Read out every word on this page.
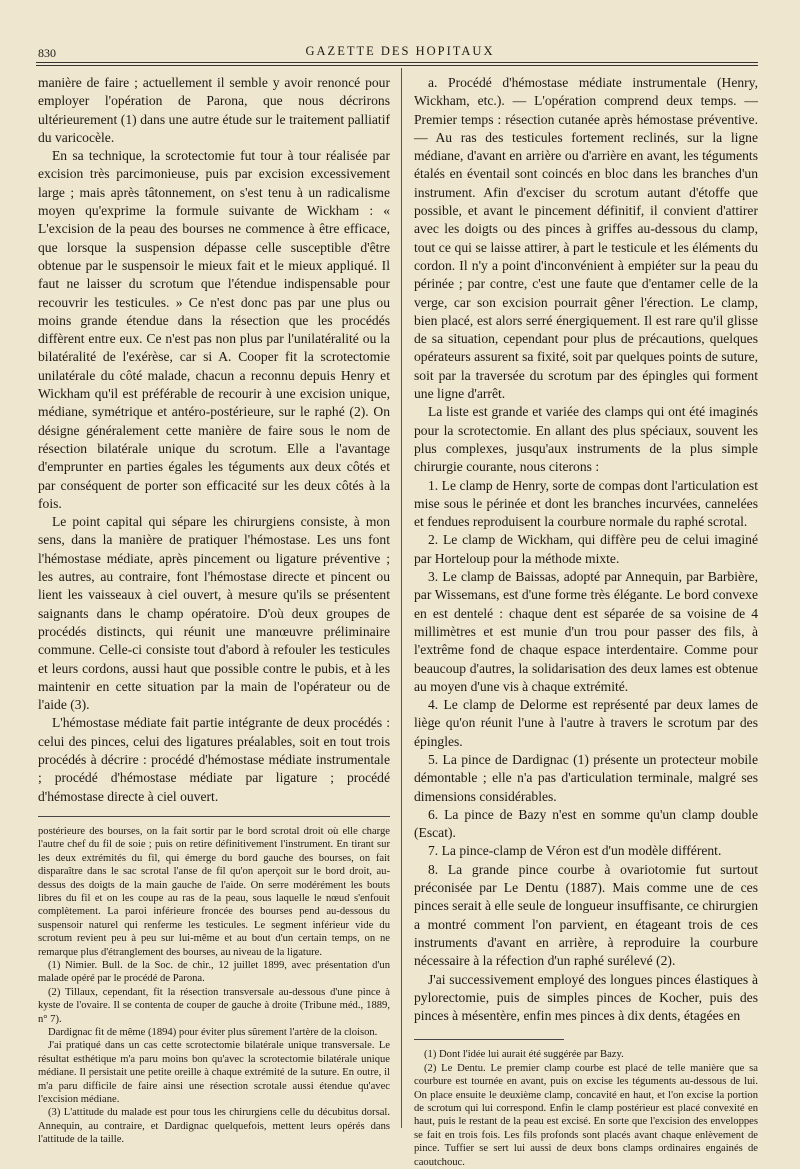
830	GAZETTE DES HOPITAUX

manière de faire ; actuellement il semble y avoir renoncé pour employer l'opération de Parona, que nous décrirons ultérieurement (1) dans une autre étude sur le traitement palliatif du varicocèle.

En sa technique, la scrotectomie fut tour à tour réalisée par excision très parcimonieuse, puis par excision excessivement large ; mais après tâtonnement, on s'est tenu à un radicalisme moyen qu'exprime la formule suivante de Wickham : « L'excision de la peau des bourses ne commence à être efficace, que lorsque la suspension dépasse celle susceptible d'être obtenue par le suspensoir le mieux fait et le mieux appliqué. Il faut ne laisser du scrotum que l'étendue indispensable pour recouvrir les testicules. » Ce n'est donc pas par une plus ou moins grande étendue dans la résection que les procédés diffèrent entre eux. Ce n'est pas non plus par l'unilatéralité ou la bilatéralité de l'exérèse, car si A. Cooper fit la scrotectomie unilatérale du côté malade, chacun a reconnu depuis Henry et Wickham qu'il est préférable de recourir à une excision unique, médiane, symétrique et antéro-postérieure, sur le raphé (2). On désigne généralement cette manière de faire sous le nom de résection bilatérale unique du scrotum. Elle a l'avantage d'emprunter en parties égales les téguments aux deux côtés et par conséquent de porter son efficacité sur les deux côtés à la fois.

Le point capital qui sépare les chirurgiens consiste, à mon sens, dans la manière de pratiquer l'hémostase. Les uns font l'hémostase médiate, après pincement ou ligature préventive ; les autres, au contraire, font l'hémostase directe et pincent ou lient les vaisseaux à ciel ouvert, à mesure qu'ils se présentent saignants dans le champ opératoire. D'où deux groupes de procédés distincts, qui réunit une manœuvre préliminaire commune. Celle-ci consiste tout d'abord à refouler les testicules et leurs cordons, aussi haut que possible contre le pubis, et à les maintenir en cette situation par la main de l'opérateur ou de l'aide (3).

L'hémostase médiate fait partie intégrante de deux procédés : celui des pinces, celui des ligatures préalables, soit en tout trois procédés à décrire : procédé d'hémostase médiate instrumentale ; procédé d'hémostase médiate par ligature ; procédé d'hémostase directe à ciel ouvert.

postérieure des bourses, on la fait sortir par le bord scrotal droit où elle charge l'autre chef du fil de soie ; puis on retire définitivement l'instrument. En tirant sur les deux extrémités du fil, qui émerge du bord gauche des bourses, on fait disparaître dans le sac scrotal l'anse de fil qu'on aperçoit sur le bord droit, au-dessus des doigts de la main gauche de l'aide. On serre modérément les bouts libres du fil et on les coupe au ras de la peau, sous laquelle le nœud s'enfouit complètement. La paroi inférieure froncée des bourses pend au-dessous du suspensoir naturel qui renferme les testicules. Le segment inférieur vide du scrotum revient peu à peu sur lui-même et au bout d'un certain temps, on ne remarque plus d'étranglement des bourses, au niveau de la ligature.

(1) Nimier. Bull. de la Soc. de chir., 12 juillet 1899, avec présentation d'un malade opéré par le procédé de Parona.

(2) Tillaux, cependant, fit la résection transversale au-dessous d'une pince à kyste de l'ovaire. Il se contenta de couper de gauche à droite (Tribune méd., 1889, n° 7).

Dardignac fit de même (1894) pour éviter plus sûrement l'artère de la cloison.

J'ai pratiqué dans un cas cette scrotectomie bilatérale unique transversale. Le résultat esthétique m'a paru moins bon qu'avec la scrotectomie bilatérale unique médiane. Il persistait une petite oreille à chaque extrémité de la suture. En outre, il m'a paru difficile de faire ainsi une résection scrotale aussi étendue qu'avec l'excision médiane.

(3) L'attitude du malade est pour tous les chirurgiens celle du décubitus dorsal. Annequin, au contraire, et Dardignac quelquefois, mettent leurs opérés dans l'attitude de la taille.

a. Procédé d'hémostase médiate instrumentale (Henry, Wickham, etc.). — L'opération comprend deux temps. — Premier temps : résection cutanée après hémostase préventive. — Au ras des testicules fortement reclinés, sur la ligne médiane, d'avant en arrière ou d'arrière en avant, les téguments étalés en éventail sont coincés en bloc dans les branches d'un instrument. Afin d'exciser du scrotum autant d'étoffe que possible, et avant le pincement définitif, il convient d'attirer avec les doigts ou des pinces à griffes au-dessous du clamp, tout ce qui se laisse attirer, à part le testicule et les éléments du cordon. Il n'y a point d'inconvénient à empiéter sur la peau du périnée ; par contre, c'est une faute que d'entamer celle de la verge, car son excision pourrait gêner l'érection. Le clamp, bien placé, est alors serré énergiquement. Il est rare qu'il glisse de sa situation, cependant pour plus de précautions, quelques opérateurs assurent sa fixité, soit par quelques points de suture, soit par la traversée du scrotum par des épingles qui forment une ligne d'arrêt.

La liste est grande et variée des clamps qui ont été imaginés pour la scrotectomie. En allant des plus spéciaux, souvent les plus complexes, jusqu'aux instruments de la plus simple chirurgie courante, nous citerons :

1. Le clamp de Henry, sorte de compas dont l'articulation est mise sous le périnée et dont les branches incurvées, cannelées et fendues reproduisent la courbure normale du raphé scrotal.

2. Le clamp de Wickham, qui diffère peu de celui imaginé par Horteloup pour la méthode mixte.

3. Le clamp de Baissas, adopté par Annequin, par Barbière, par Wissemans, est d'une forme très élégante. Le bord convexe en est dentelé : chaque dent est séparée de sa voisine de 4 millimètres et est munie d'un trou pour passer des fils, à l'extrême fond de chaque espace interdentaire. Comme pour beaucoup d'autres, la solidarisation des deux lames est obtenue au moyen d'une vis à chaque extrémité.

4. Le clamp de Delorme est représenté par deux lames de liège qu'on réunit l'une à l'autre à travers le scrotum par des épingles.

5. La pince de Dardignac (1) présente un protecteur mobile démontable ; elle n'a pas d'articulation terminale, malgré ses dimensions considérables.

6. La pince de Bazy n'est en somme qu'un clamp double (Escat).

7. La pince-clamp de Véron est d'un modèle différent.

8. La grande pince courbe à ovariotomie fut surtout préconisée par Le Dentu (1887). Mais comme une de ces pinces serait à elle seule de longueur insuffisante, ce chirurgien a montré comment l'on parvient, en étageant trois de ces instruments d'avant en arrière, à reproduire la courbure nécessaire à la réfection d'un raphé surélevé (2).

J'ai successivement employé des longues pinces élastiques à pylorectomie, puis de simples pinces de Kocher, puis des pinces à mésentère, enfin mes pinces à dix dents, étagées en

(1) Dont l'idée lui aurait été suggérée par Bazy.

(2) Le Dentu. Le premier clamp courbe est placé de telle manière que sa courbure est tournée en avant, puis on excise les téguments au-dessous de lui. On place ensuite le deuxième clamp, concavité en haut, et l'on excise la portion de scrotum qui lui correspond. Enfin le clamp postérieur est placé convexité en haut, puis le restant de la peau est excisé. En sorte que l'excision des enveloppes se fait en trois fois. Les fils profonds sont placés avant chaque enlèvement de pince. Tuffier se sert lui aussi de deux bons clamps ordinaires engainés de caoutchouc.
